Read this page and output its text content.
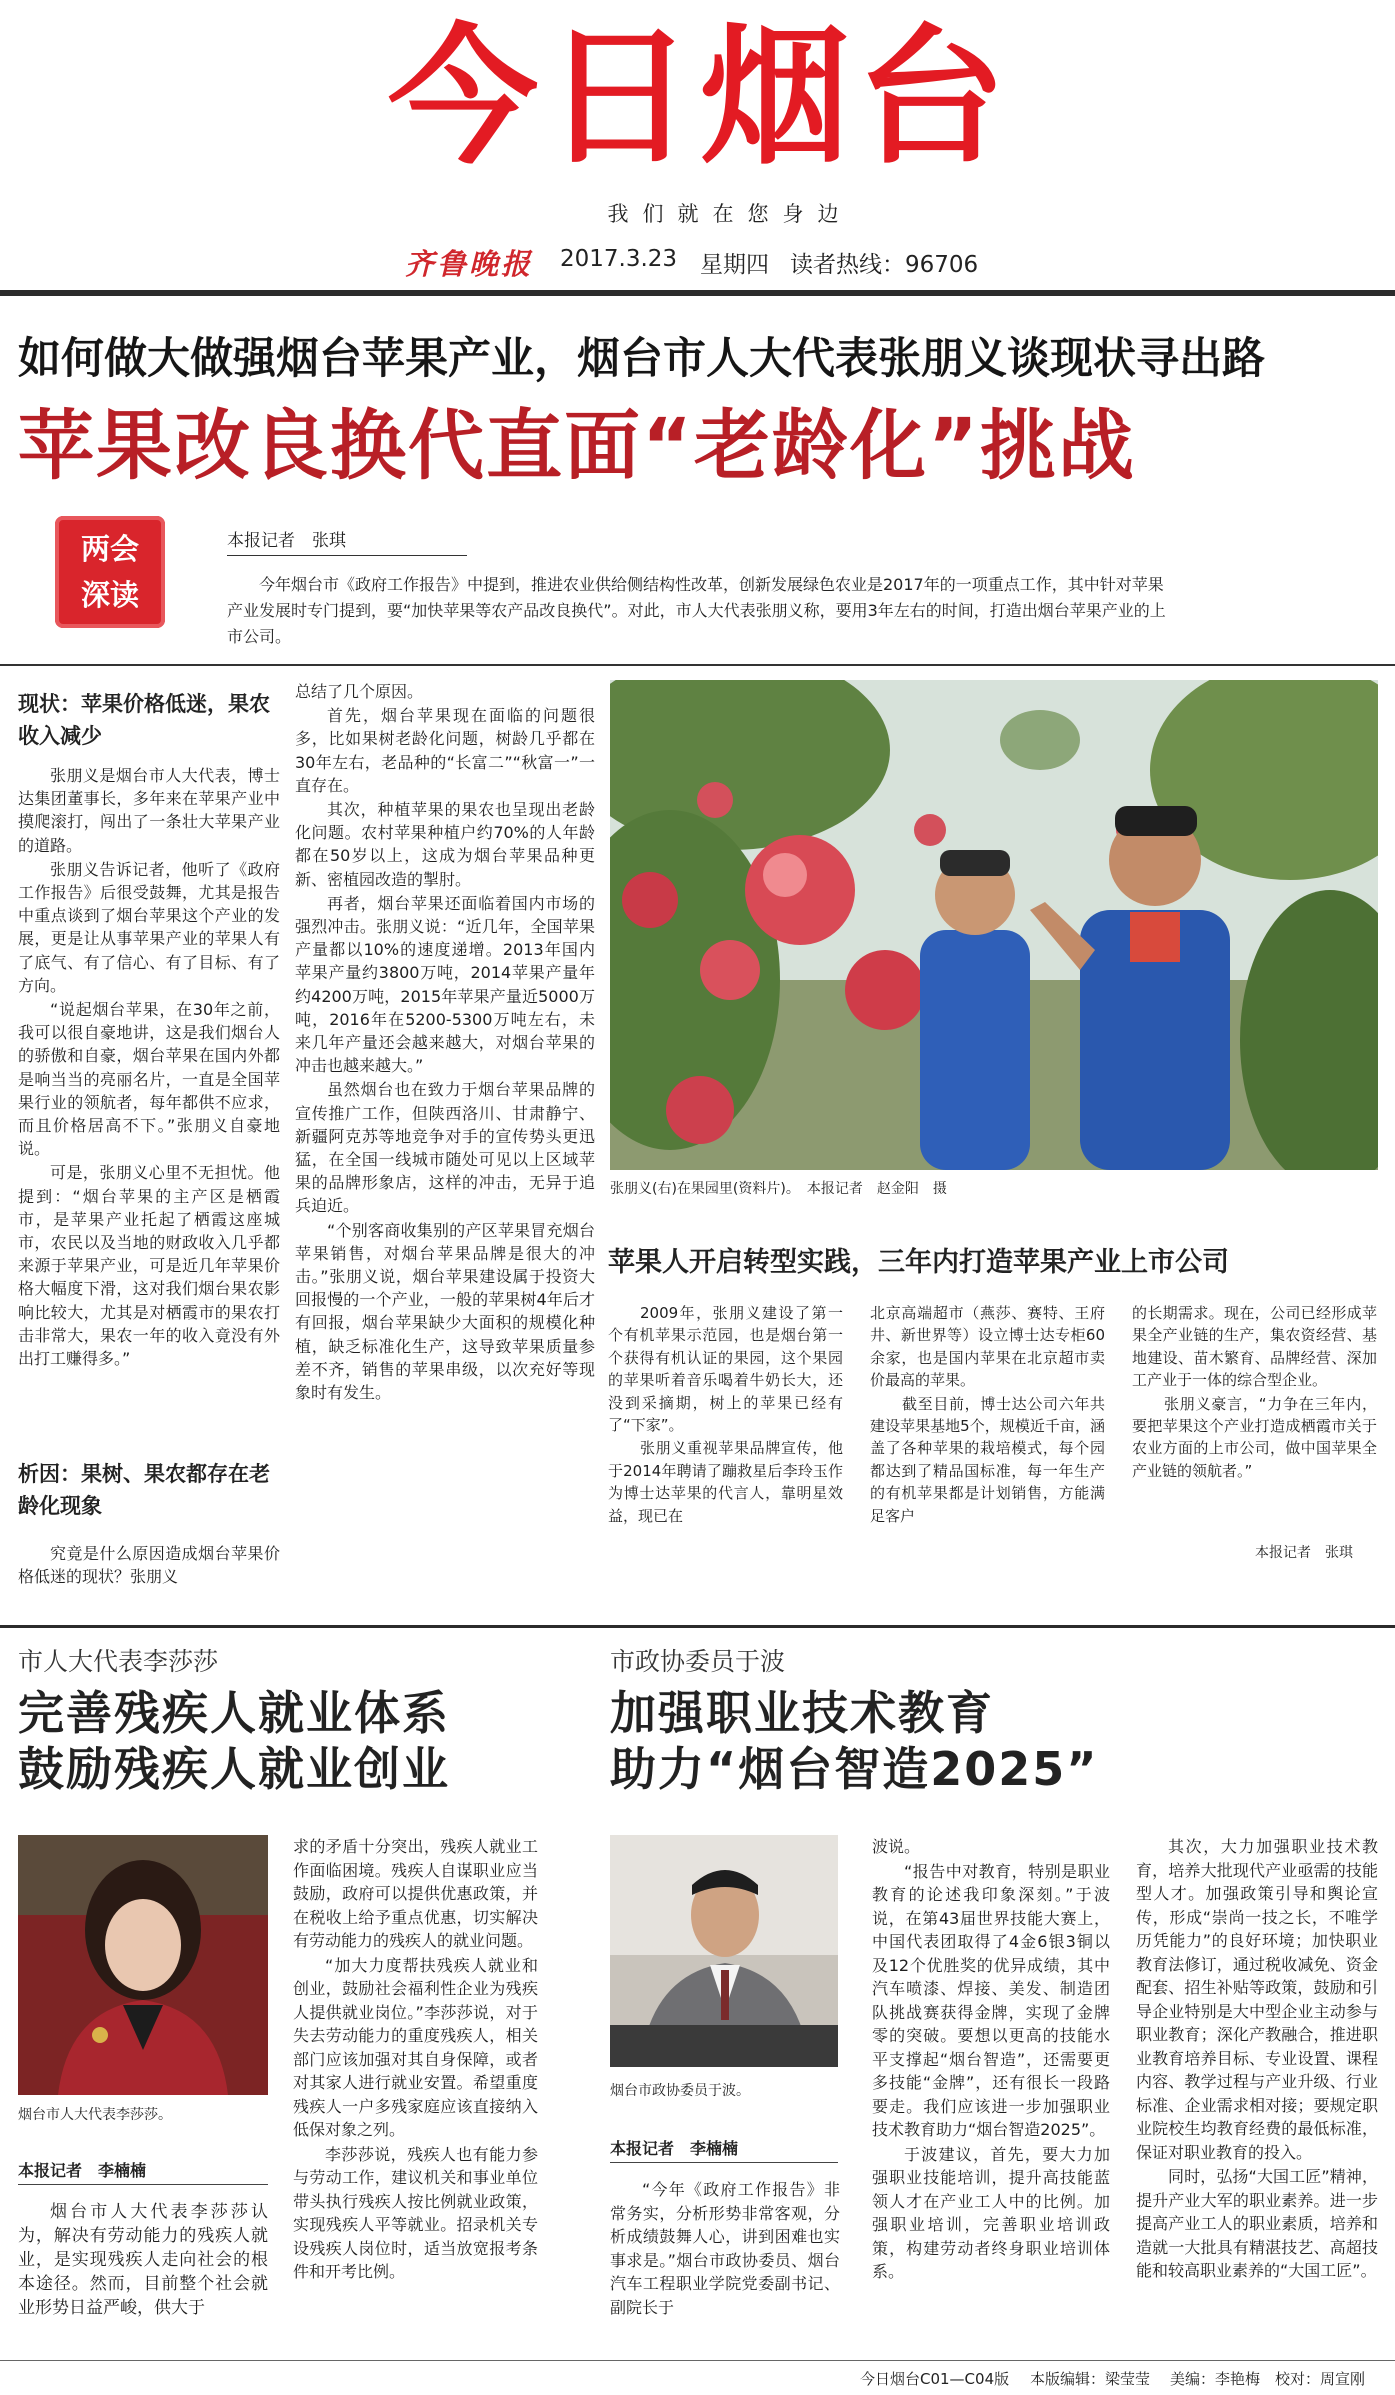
今日烟台
我们就在您身边
齐鲁晚报 2017.3.23 星期四 读者热线：96706
如何做大做强烟台苹果产业，烟台市人大代表张朋义谈现状寻出路
苹果改良换代直面“老龄化”挑战
两会
深读
本报记者　张琪
今年烟台市《政府工作报告》中提到，推进农业供给侧结构性改革，创新发展绿色农业是2017年的一项重点工作，其中针对苹果产业发展时专门提到，要“加快苹果等农产品改良换代”。对此，市人大代表张朋义称，要用3年左右的时间，打造出烟台苹果产业的上市公司。
现状：苹果价格低迷，果农收入减少

张朋义是烟台市人大代表，博士达集团董事长，多年来在苹果产业中摸爬滚打，闯出了一条壮大苹果产业的道路。

张朋义告诉记者，他听了《政府工作报告》后很受鼓舞，尤其是报告中重点谈到了烟台苹果这个产业的发展，更是让从事苹果产业的苹果人有了底气、有了信心、有了目标、有了方向。

“说起烟台苹果，在30年之前，我可以很自豪地讲，这是我们烟台人的骄傲和自豪，烟台苹果在国内外都是响当当的亮丽名片，一直是全国苹果行业的领航者，每年都供不应求，而且价格居高不下。”张朋义自豪地说。

可是，张朋义心里不无担忧。他提到：“烟台苹果的主产区是栖霞市，是苹果产业托起了栖霞这座城市，农民以及当地的财政收入几乎都来源于苹果产业，可是近几年苹果价格大幅度下滑，这对我们烟台果农影响比较大，尤其是对栖霞市的果农打击非常大，果农一年的收入竟没有外出打工赚得多。”

析因：果树、果农都存在老龄化现象

究竟是什么原因造成烟台苹果价格低迷的现状？张朋义

总结了几个原因。

首先，烟台苹果现在面临的问题很多，比如果树老龄化问题，树龄几乎都在30年左右，老品种的“长富二”“秋富一”一直存在。

其次，种植苹果的果农也呈现出老龄化问题。农村苹果种植户约70%的人年龄都在50岁以上，这成为烟台苹果品种更新、密植园改造的掣肘。

再者，烟台苹果还面临着国内市场的强烈冲击。张朋义说：“近几年，全国苹果产量都以10%的速度递增。2013年国内苹果产量约3800万吨，2014苹果产量年约4200万吨，2015年苹果产量近5000万吨，2016年在5200-5300万吨左右，未来几年产量还会越来越大，对烟台苹果的冲击也越来越大。”

虽然烟台也在致力于烟台苹果品牌的宣传推广工作，但陕西洛川、甘肃静宁、新疆阿克苏等地竞争对手的宣传势头更迅猛，在全国一线城市随处可见以上区域苹果的品牌形象店，这样的冲击，无异于追兵迫近。

“个别客商收集别的产区苹果冒充烟台苹果销售，对烟台苹果品牌是很大的冲击。”张朋义说，烟台苹果建设属于投资大回报慢的一个产业，一般的苹果树4年后才有回报，烟台苹果缺少大面积的规模化种植，缺乏标准化生产，这导致苹果质量参差不齐，销售的苹果串级，以次充好等现象时有发生。

张朋义(右)在果园里(资料片)。　本报记者　赵金阳　摄
苹果人开启转型实践，三年内打造苹果产业上市公司

2009年，张朋义建设了第一个有机苹果示范园，也是烟台第一个获得有机认证的果园，这个果园的苹果听着音乐喝着牛奶长大，还没到采摘期，树上的苹果已经有了“下家”。

张朋义重视苹果品牌宣传，他于2014年聘请了蹦救星后李玲玉作为博士达苹果的代言人，靠明星效益，现已在

北京高端超市（燕莎、赛特、王府井、新世界等）设立博士达专柜60余家，也是国内苹果在北京超市卖价最高的苹果。

截至目前，博士达公司六年共建设苹果基地5个，规模近千亩，涵盖了各种苹果的栽培模式，每个园都达到了精品国标准，每一年生产的有机苹果都是计划销售，方能满足客户

的长期需求。现在，公司已经形成苹果全产业链的生产，集农资经营、基地建设、苗木繁育、品牌经营、深加工产业于一体的综合型企业。

张朋义豪言，“力争在三年内，要把苹果这个产业打造成栖霞市关于农业方面的上市公司，做中国苹果全产业链的领航者。”

本报记者　张琪
市人大代表李莎莎
完善残疾人就业体系
鼓励残疾人就业创业
烟台市人大代表李莎莎。
本报记者　李楠楠

烟台市人大代表李莎莎认为，解决有劳动能力的残疾人就业，是实现残疾人走向社会的根本途径。然而，目前整个社会就业形势日益严峻，供大于

求的矛盾十分突出，残疾人就业工作面临困境。残疾人自谋职业应当鼓励，政府可以提供优惠政策，并在税收上给予重点优惠，切实解决有劳动能力的残疾人的就业问题。

“加大力度帮扶残疾人就业和创业，鼓励社会福利性企业为残疾人提供就业岗位。”李莎莎说，对于失去劳动能力的重度残疾人，相关部门应该加强对其自身保障，或者对其家人进行就业安置。希望重度残疾人一户多残家庭应该直接纳入低保对象之列。

李莎莎说，残疾人也有能力参与劳动工作，建议机关和事业单位带头执行残疾人按比例就业政策，实现残疾人平等就业。招录机关专设残疾人岗位时，适当放宽报考条件和开考比例。

市政协委员于波
加强职业技术教育
助力“烟台智造2025”
烟台市政协委员于波。
本报记者　李楠楠

“今年《政府工作报告》非常务实，分析形势非常客观，分析成绩鼓舞人心，讲到困难也实事求是。”烟台市政协委员、烟台汽车工程职业学院党委副书记、副院长于

波说。

“报告中对教育，特别是职业教育的论述我印象深刻。”于波说，在第43届世界技能大赛上，中国代表团取得了4金6银3铜以及12个优胜奖的优异成绩，其中汽车喷漆、焊接、美发、制造团队挑战赛获得金牌，实现了金牌零的突破。要想以更高的技能水平支撑起“烟台智造”，还需要更多技能“金牌”，还有很长一段路要走。我们应该进一步加强职业技术教育助力“烟台智造2025”。

于波建议，首先，要大力加强职业技能培训，提升高技能蓝领人才在产业工人中的比例。加强职业培训，完善职业培训政策，构建劳动者终身职业培训体系。

其次，大力加强职业技术教育，培养大批现代产业亟需的技能型人才。加强政策引导和舆论宣传，形成“崇尚一技之长，不唯学历凭能力”的良好环境；加快职业教育法修订，通过税收减免、资金配套、招生补贴等政策，鼓励和引导企业特别是大中型企业主动参与职业教育；深化产教融合，推进职业教育培养目标、专业设置、课程内容、教学过程与产业升级、行业标准、企业需求相对接；要规定职业院校生均教育经费的最低标准，保证对职业教育的投入。

同时，弘扬“大国工匠”精神，提升产业大军的职业素养。进一步提高产业工人的职业素质，培养和造就一大批具有精湛技艺、高超技能和较高职业素养的“大国工匠”。

今日烟台C01—C04版 本版编辑：梁莹莹 美编：李艳梅 校对：周宣刚
